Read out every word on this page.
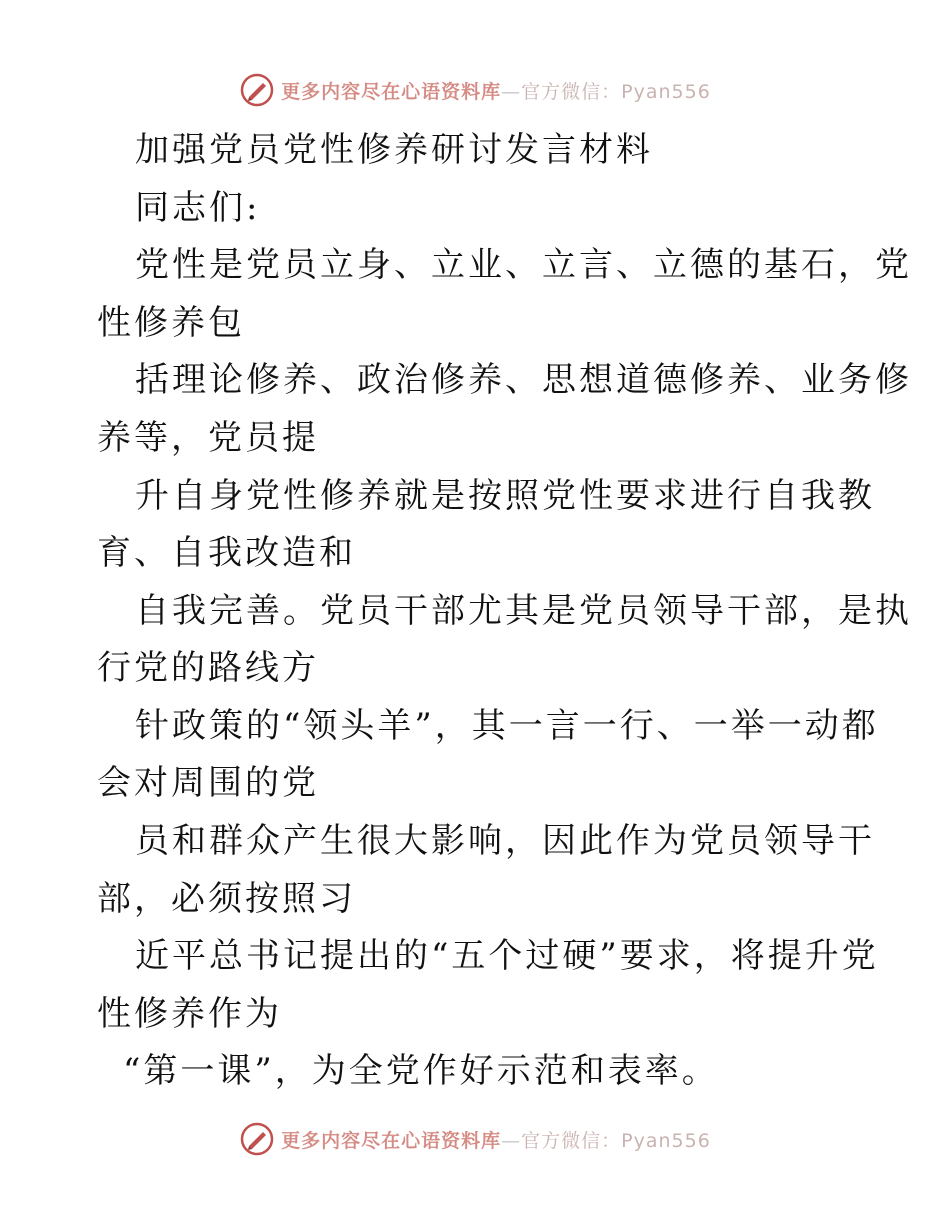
更多内容尽在心语资料库—官方微信：Pyan556
加强党员党性修养研讨发言材料
同志们:
党性是党员立身、立业、立言、立德的基石，党
性修养包
括理论修养、政治修养、思想道德修养、业务修
养等，党员提
升自身党性修养就是按照党性要求进行自我教
育、自我改造和
自我完善。党员干部尤其是党员领导干部，是执
行党的路线方
针政策的“领头羊”，其一言一行、一举一动都
会对周围的党
员和群众产生很大影响，因此作为党员领导干
部，必须按照习
近平总书记提出的“五个过硬”要求，将提升党
性修养作为
“第一课”，为全党作好示范和表率。
更多内容尽在心语资料库—官方微信：Pyan556
